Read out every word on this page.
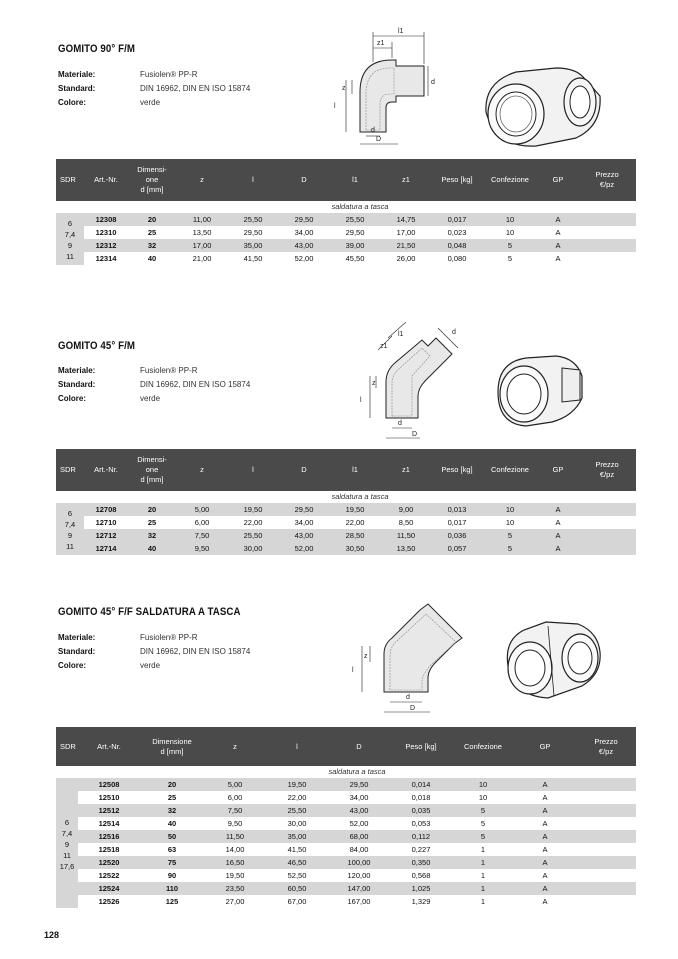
GOMITO 90° F/M
Materiale:	Fusiolen® PP-R
Standard:	DIN 16962, DIN EN ISO 15874
Colore:	verde
l1
z1
d
z
l
d
D
SDR	Art.-Nr.	Dimensi-
one
d [mm]	z	l	D	l1	z1	Peso [kg]	Confezione	GP	Prezzo
€/pz
	saldatura a tasca										

6
7,4
9
11	12308	20	11,00	25,50	29,50	25,50	14,75	0,017	10	A	
	12310	25	13,50	29,50	34,00	29,50	17,00	0,023	10	A	
	12312	32	17,00	35,00	43,00	39,00	21,50	0,048	5	A	
	12314	40	21,00	41,50	52,00	45,50	26,00	0,080	5	A	
GOMITO 45° F/M
Materiale:	Fusiolen® PP-R
Standard:	DIN 16962, DIN EN ISO 15874
Colore:	verde
l1
z1
d
z
l
d
D
SDR	Art.-Nr.	Dimensi-
one
d [mm]	z	l	D	l1	z1	Peso [kg]	Confezione	GP	Prezzo
€/pz
	saldatura a tasca										

6
7,4
9
11	12708	20	5,00	19,50	29,50	19,50	9,00	0,013	10	A	
	12710	25	6,00	22,00	34,00	22,00	8,50	0,017	10	A	
	12712	32	7,50	25,50	43,00	28,50	11,50	0,036	5	A	
	12714	40	9,50	30,00	52,00	30,50	13,50	0,057	5	A	
GOMITO 45° F/F SALDATURA A TASCA
Materiale:	Fusiolen® PP-R
Standard:	DIN 16962, DIN EN ISO 15874
Colore:	verde
z
l
d
D
SDR	Art.-Nr.	Dimensione
d [mm]	z	l	D	Peso [kg]	Confezione	GP	Prezzo
€/pz
	saldatura a tasca								

6
7,4
9
11
17,6	12508	20	5,00	19,50	29,50	0,014	10	A	
	12510	25	6,00	22,00	34,00	0,018	10	A	
	12512	32	7,50	25,50	43,00	0,035	5	A	
	12514	40	9,50	30,00	52,00	0,053	5	A	
	12516	50	11,50	35,00	68,00	0,112	5	A	
	12518	63	14,00	41,50	84,00	0,227	1	A	
	12520	75	16,50	46,50	100,00	0,350	1	A	
	12522	90	19,50	52,50	120,00	0,568	1	A	
	12524	110	23,50	60,50	147,00	1,025	1	A	
	12526	125	27,00	67,00	167,00	1,329	1	A	
128
